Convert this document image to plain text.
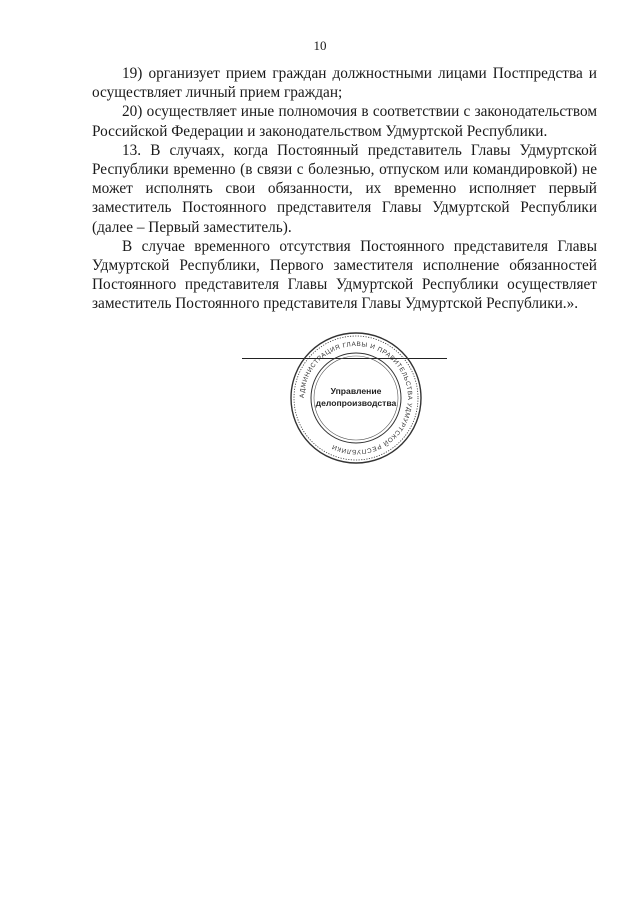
10

19) организует прием граждан должностными лицами Постпредства и осуществляет личный прием граждан;

20) осуществляет иные полномочия в соответствии с законодательством Российской Федерации и законодательством Удмуртской Республики.

13. В случаях, когда Постоянный представитель Главы Удмуртской Республики временно (в связи с болезнью, отпуском или командировкой) не может исполнять свои обязанности, их временно исполняет первый заместитель Постоянного представителя Главы Удмуртской Республики (далее – Первый заместитель).

В случае временного отсутствия Постоянного представителя Главы Удмуртской Республики, Первого заместителя исполнение обязанностей Постоянного представителя Главы Удмуртской Республики осуществляет заместитель Постоянного представителя Главы Удмуртской Республики.».

АДМИНИСТРАЦИЯ ГЛАВЫ И ПРАВИТЕЛЬСТВА УДМУРТСКОЙ РЕСПУБЛИКИ
Управление
делопроизводства
